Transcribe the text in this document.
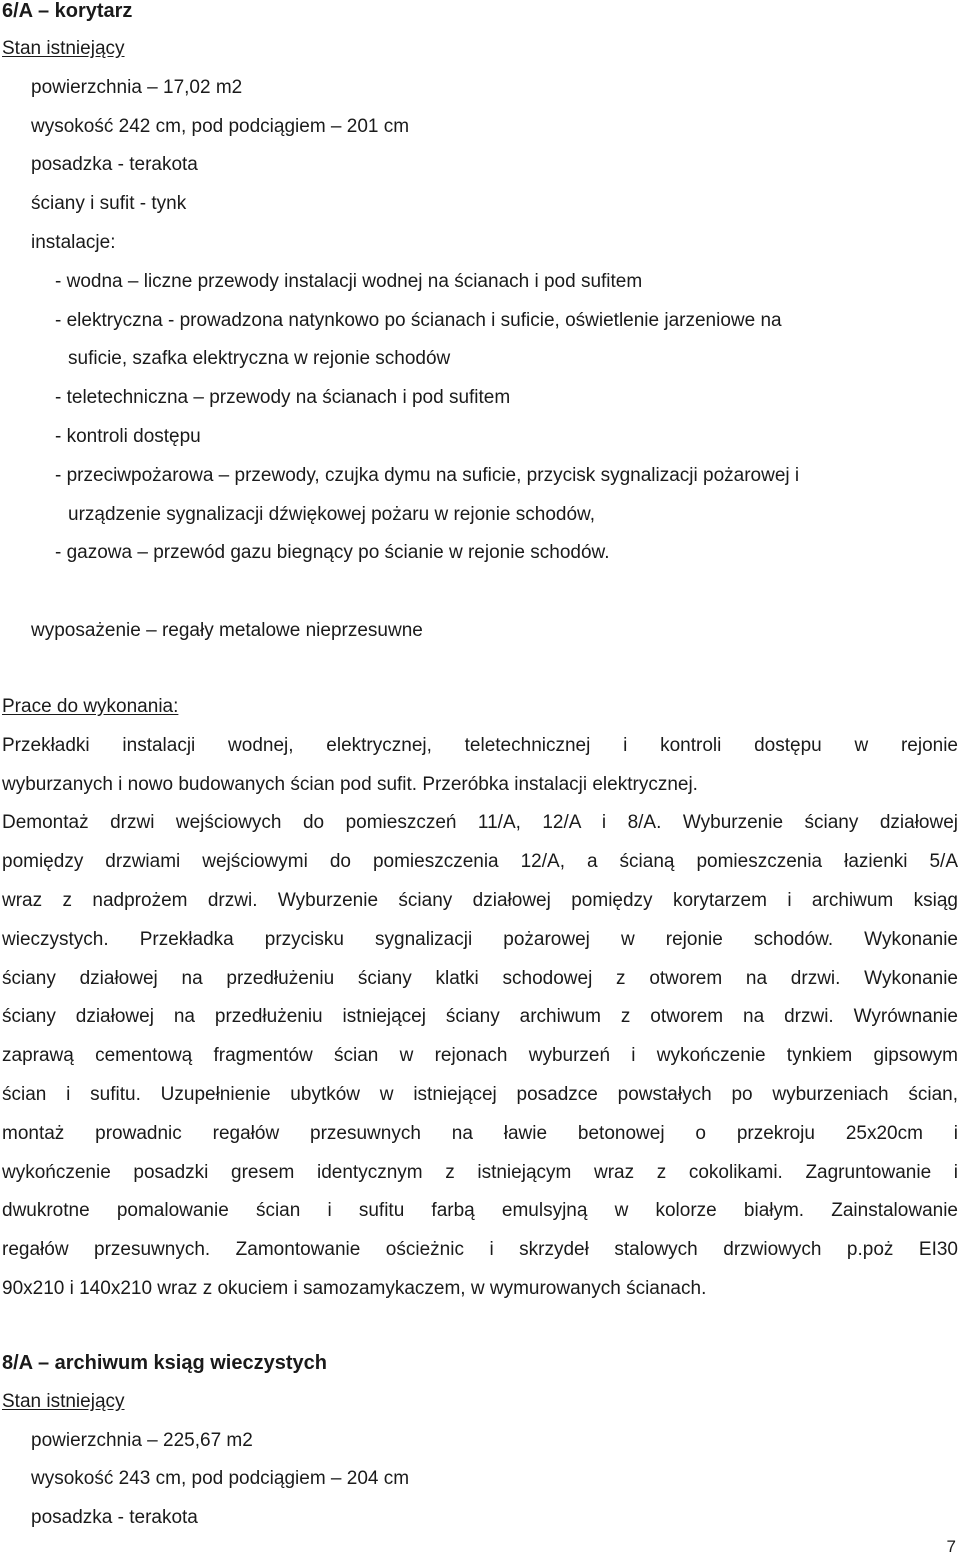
6/A – korytarz
Stan istniejący
powierzchnia – 17,02 m2
wysokość 242 cm, pod podciągiem – 201 cm
posadzka - terakota
ściany i sufit - tynk
instalacje:
- wodna – liczne przewody instalacji wodnej na ścianach i pod sufitem
- elektryczna - prowadzona natynkowo po ścianach i suficie, oświetlenie jarzeniowe na
suficie, szafka elektryczna w rejonie schodów
- teletechniczna – przewody na ścianach i pod sufitem
- kontroli dostępu
- przeciwpożarowa – przewody, czujka dymu na suficie, przycisk sygnalizacji pożarowej i
urządzenie sygnalizacji dźwiękowej pożaru w rejonie schodów,
- gazowa – przewód gazu biegnący po ścianie w rejonie schodów.
wyposażenie – regały metalowe nieprzesuwne
Prace do wykonania:
Przekładki instalacji wodnej, elektrycznej, teletechnicznej i kontroli dostępu w rejonie
wyburzanych i nowo budowanych ścian pod sufit. Przeróbka instalacji elektrycznej.
Demontaż drzwi wejściowych do pomieszczeń 11/A, 12/A i 8/A. Wyburzenie ściany działowej
pomiędzy drzwiami wejściowymi do pomieszczenia 12/A, a ścianą pomieszczenia łazienki 5/A
wraz z nadprożem drzwi. Wyburzenie ściany działowej pomiędzy korytarzem i archiwum ksiąg
wieczystych. Przekładka przycisku sygnalizacji pożarowej w rejonie schodów. Wykonanie
ściany działowej na przedłużeniu ściany klatki schodowej z otworem na drzwi. Wykonanie
ściany działowej na przedłużeniu istniejącej ściany archiwum z otworem na drzwi. Wyrównanie
zaprawą cementową fragmentów ścian w rejonach wyburzeń i wykończenie tynkiem gipsowym
ścian i sufitu. Uzupełnienie ubytków w istniejącej posadzce powstałych po wyburzeniach ścian,
montaż prowadnic regałów przesuwnych na ławie betonowej o przekroju 25x20cm i
wykończenie posadzki gresem identycznym z istniejącym wraz z cokolikami. Zagruntowanie i
dwukrotne pomalowanie ścian i sufitu farbą emulsyjną w kolorze białym. Zainstalowanie
regałów przesuwnych. Zamontowanie ościeżnic i skrzydeł stalowych drzwiowych p.poż EI30
90x210 i 140x210 wraz z okuciem i samozamykaczem, w wymurowanych ścianach.
8/A – archiwum ksiąg wieczystych
Stan istniejący
powierzchnia – 225,67 m2
wysokość 243 cm, pod podciągiem – 204 cm
posadzka - terakota
7
